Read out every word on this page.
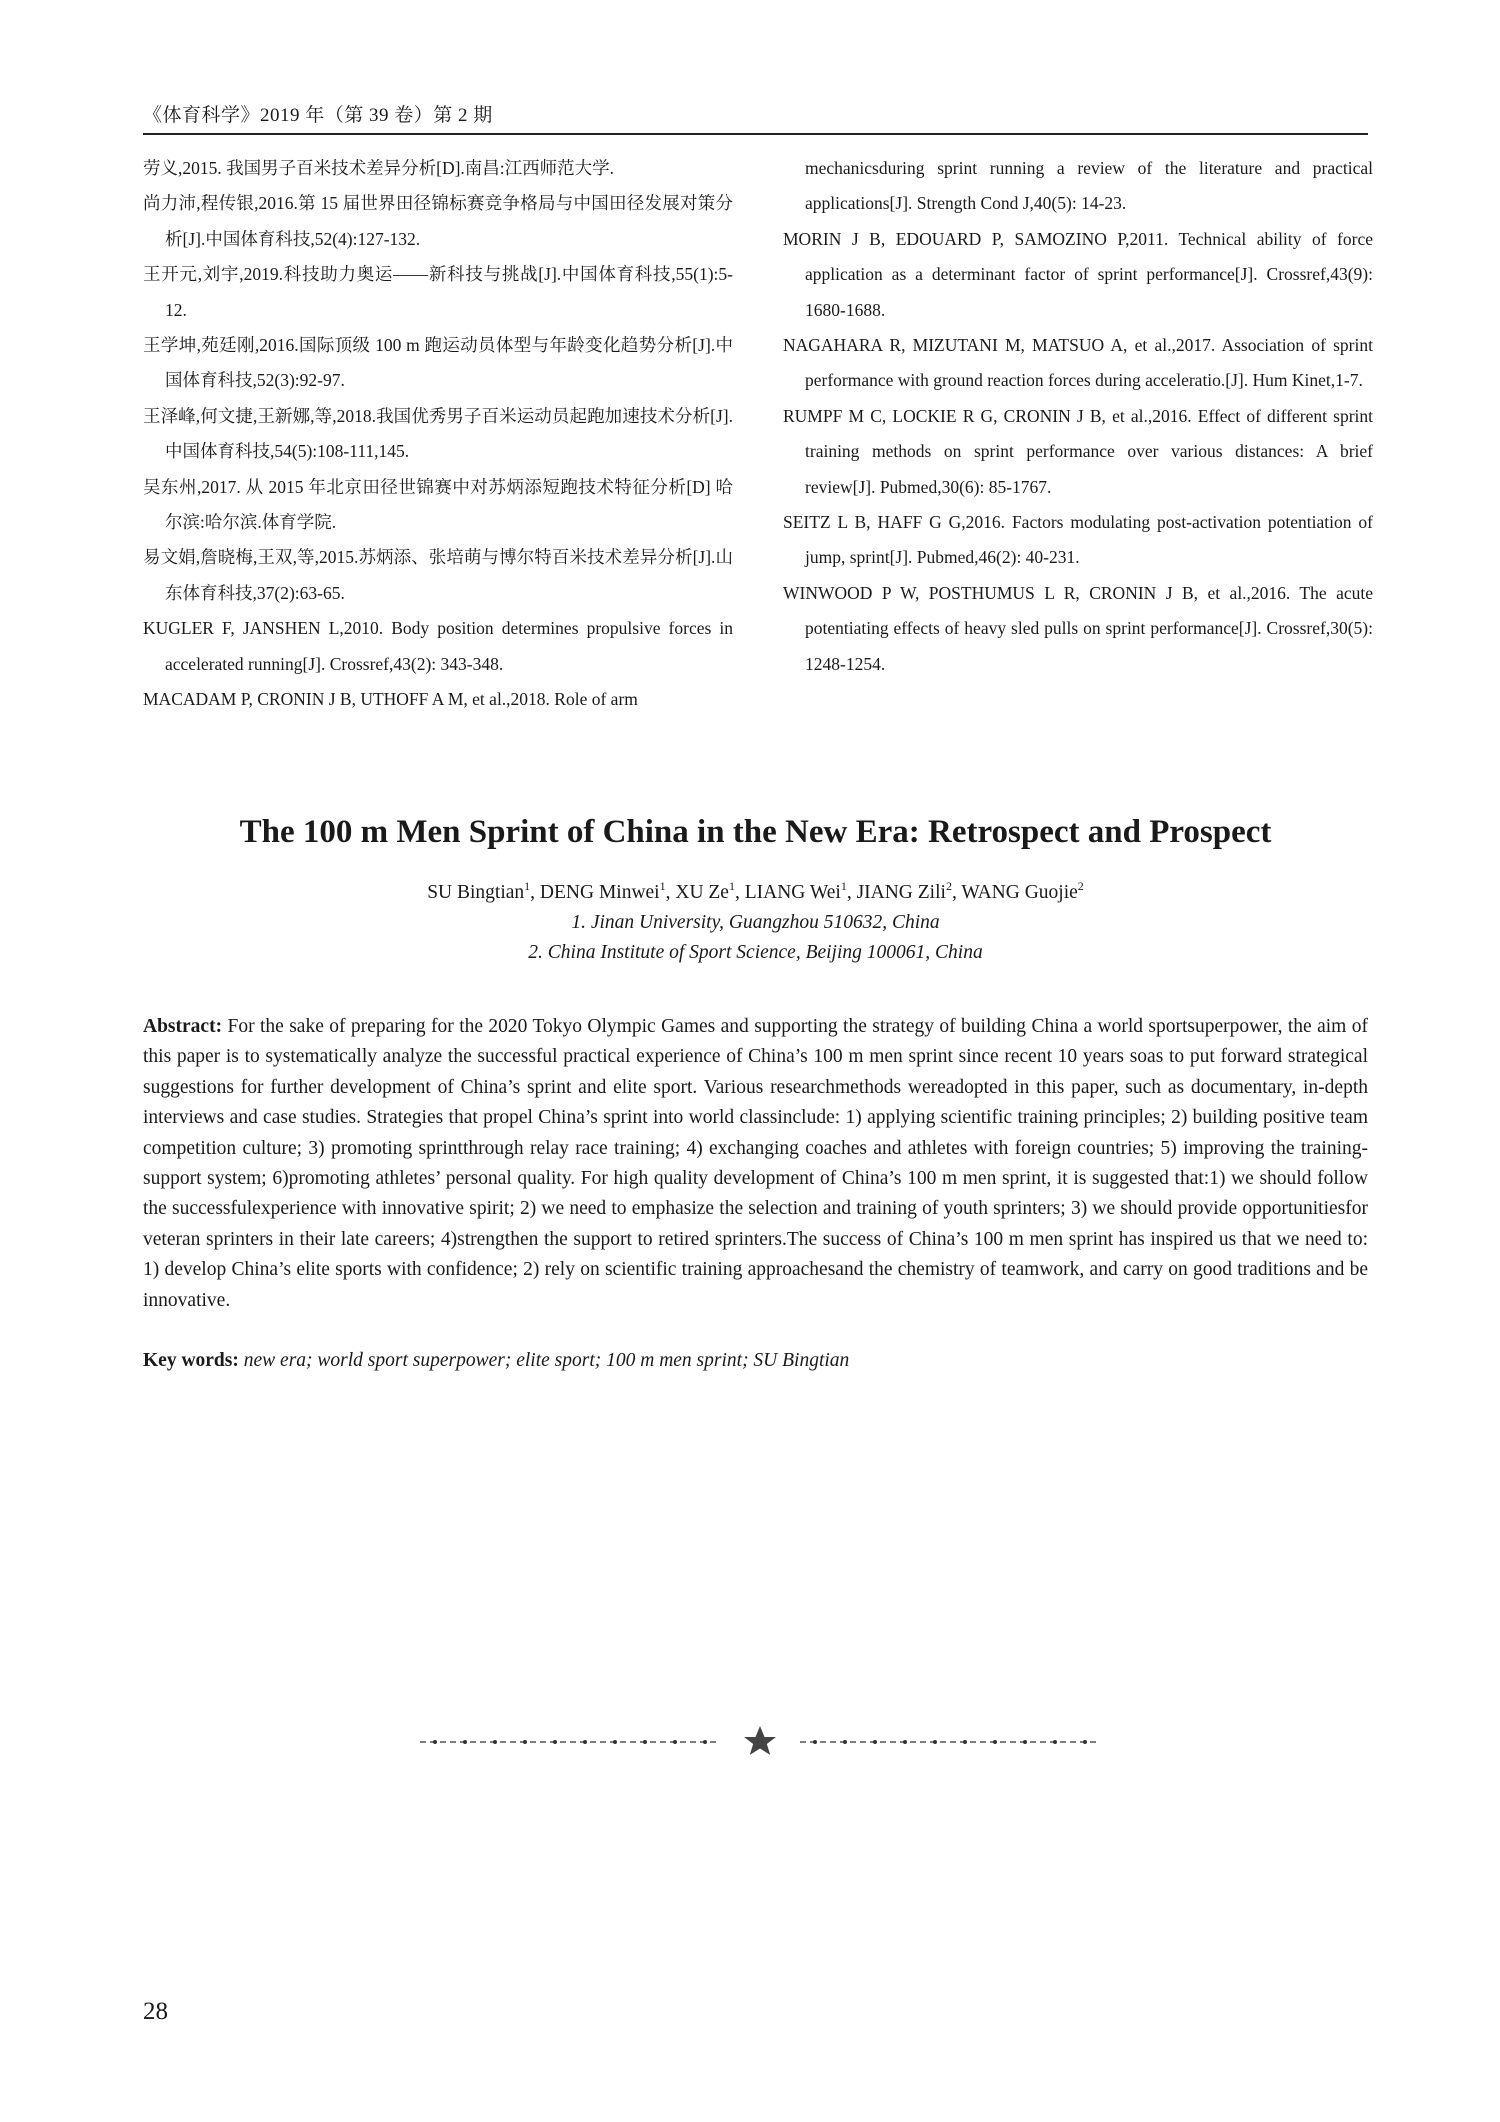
《体育科学》2019 年（第 39 卷）第 2 期
劳义,2015. 我国男子百米技术差异分析[D].南昌:江西师范大学.
尚力沛,程传银,2016.第 15 届世界田径锦标赛竞争格局与中国田径发展对策分析[J].中国体育科技,52(4):127-132.
王开元,刘宇,2019.科技助力奥运——新科技与挑战[J].中国体育科技,55(1):5-12.
王学坤,苑廷刚,2016.国际顶级 100 m 跑运动员体型与年龄变化趋势分析[J].中国体育科技,52(3):92-97.
王泽峰,何文捷,王新娜,等,2018.我国优秀男子百米运动员起跑加速技术分析[J].中国体育科技,54(5):108-111,145.
吴东州,2017. 从 2015 年北京田径世锦赛中对苏炳添短跑技术特征分析[D] 哈尔滨:哈尔滨.体育学院.
易文娟,詹晓梅,王双,等,2015.苏炳添、张培萌与博尔特百米技术差异分析[J].山东体育科技,37(2):63-65.
KUGLER F, JANSHEN L,2010. Body position determines propulsive forces in accelerated running[J]. Crossref,43(2): 343-348.
MACADAM P, CRONIN J B, UTHOFF A M, et al.,2018. Role of arm
mechanicsduring sprint running a review of the literature and practical applications[J]. Strength Cond J,40(5): 14-23.
MORIN J B, EDOUARD P, SAMOZINO P,2011. Technical ability of force application as a determinant factor of sprint performance[J]. Crossref,43(9): 1680-1688.
NAGAHARA R, MIZUTANI M, MATSUO A, et al.,2017. Association of sprint performance with ground reaction forces during acceleratio.[J]. Hum Kinet,1-7.
RUMPF M C, LOCKIE R G, CRONIN J B, et al.,2016. Effect of different sprint training methods on sprint performance over various distances: A brief review[J]. Pubmed,30(6): 85-1767.
SEITZ L B, HAFF G G,2016. Factors modulating post-activation potentiation of jump, sprint[J]. Pubmed,46(2): 40-231.
WINWOOD P W, POSTHUMUS L R, CRONIN J B, et al.,2016. The acute potentiating effects of heavy sled pulls on sprint performance[J]. Crossref,30(5): 1248-1254.
The 100 m Men Sprint of China in the New Era: Retrospect and Prospect
SU Bingtian$^1$, DENG Minwei$^1$, XU Ze$^1$, LIANG Wei$^1$, JIANG Zili$^2$, WANG Guojie$^2$
1. Jinan University, Guangzhou 510632, China
2. China Institute of Sport Science, Beijing 100061, China
Abstract: For the sake of preparing for the 2020 Tokyo Olympic Games and supporting the strategy of building China a world sportsuperpower, the aim of this paper is to systematically analyze the successful practical experience of China’s 100 m men sprint since recent 10 years soas to put forward strategical suggestions for further development of China’s sprint and elite sport. Various researchmethods wereadopted in this paper, such as documentary, in-depth interviews and case studies. Strategies that propel China’s sprint into world classinclude: 1) applying scientific training principles; 2) building positive team competition culture; 3) promoting sprintthrough relay race training; 4) exchanging coaches and athletes with foreign countries; 5) improving the training-support system; 6)promoting athletes’ personal quality. For high quality development of China’s 100 m men sprint, it is suggested that:1) we should follow the successfulexperience with innovative spirit; 2) we need to emphasize the selection and training of youth sprinters; 3) we should provide opportunitiesfor veteran sprinters in their late careers; 4)strengthen the support to retired sprinters.The success of China’s 100 m men sprint has inspired us that we need to: 1) develop China’s elite sports with confidence; 2) rely on scientific training approachesand the chemistry of teamwork, and carry on good traditions and be innovative.
Key words: new era; world sport superpower; elite sport; 100 m men sprint; SU Bingtian
28
